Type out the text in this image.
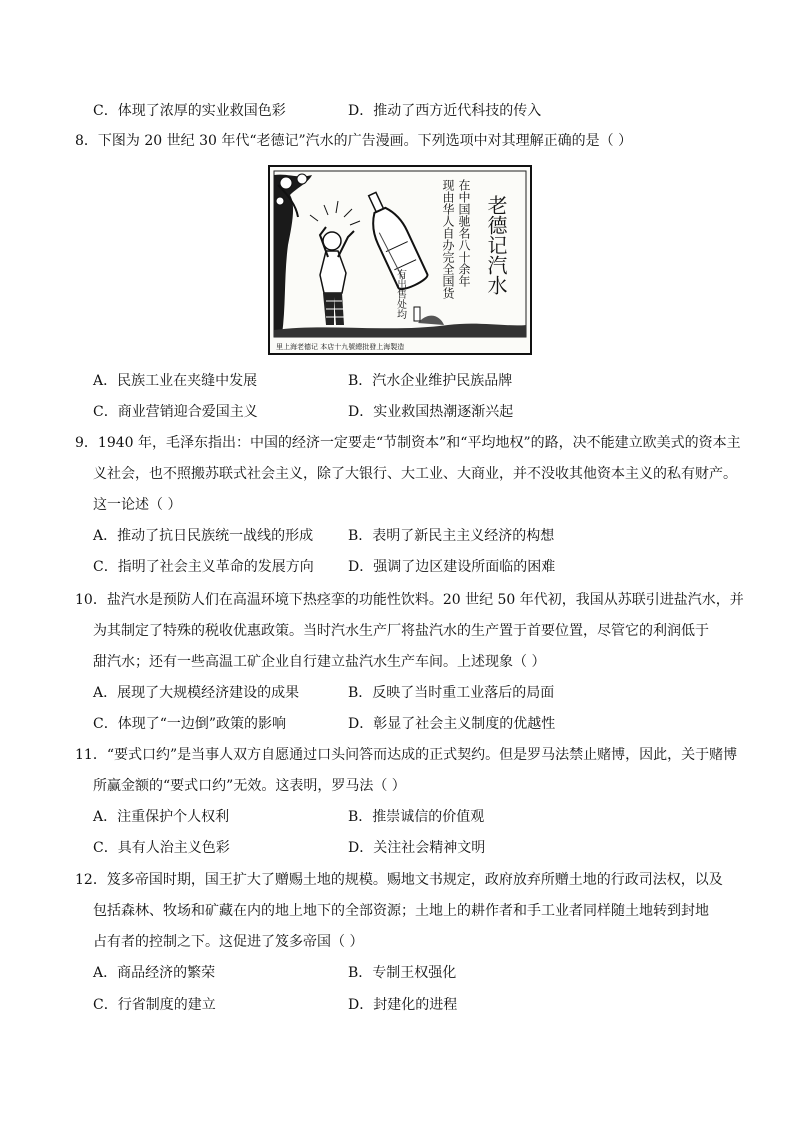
C．体现了浓厚的实业救国色彩	D．推动了西方近代科技的传入
8．下图为 20 世纪 30 年代“老德记”汽水的广告漫画。下列选项中对其理解正确的是（ ）
老德记汽水
在中国驰名八十余年
现由华人自办完全国货
有出售处均
里上海老德记 本店十九號總批發上海製造
A．民族工业在夹缝中发展	B．汽水企业维护民族品牌
C．商业营销迎合爱国主义	D．实业救国热潮逐渐兴起
9．1940 年，毛泽东指出：中国的经济一定要走“节制资本”和“平均地权”的路，决不能建立欧美式的资本主
义社会，也不照搬苏联式社会主义，除了大银行、大工业、大商业，并不没收其他资本主义的私有财产。
这一论述（ ）
A．推动了抗日民族统一战线的形成 B．表明了新民主主义经济的构想
C．指明了社会主义革命的发展方向 D．强调了边区建设所面临的困难
10．盐汽水是预防人们在高温环境下热痉挛的功能性饮料。20 世纪 50 年代初，我国从苏联引进盐汽水，并
为其制定了特殊的税收优惠政策。当时汽水生产厂将盐汽水的生产置于首要位置，尽管它的利润低于
甜汽水；还有一些高温工矿企业自行建立盐汽水生产车间。上述现象（ ）
A．展现了大规模经济建设的成果	B．反映了当时重工业落后的局面
C．体现了“一边倒”政策的影响	D．彰显了社会主义制度的优越性
11．“要式口约”是当事人双方自愿通过口头问答而达成的正式契约。但是罗马法禁止赌博，因此，关于赌博
所赢金额的“要式口约”无效。这表明，罗马法（ ）
A．注重保护个人权利	B．推崇诚信的价值观
C．具有人治主义色彩	D．关注社会精神文明
12．笈多帝国时期，国王扩大了赠赐土地的规模。赐地文书规定，政府放弃所赠土地的行政司法权，以及
包括森林、牧场和矿藏在内的地上地下的全部资源；土地上的耕作者和手工业者同样随土地转到封地
占有者的控制之下。这促进了笈多帝国（ ）
A．商品经济的繁荣	B．专制王权强化
C．行省制度的建立	D．封建化的进程
